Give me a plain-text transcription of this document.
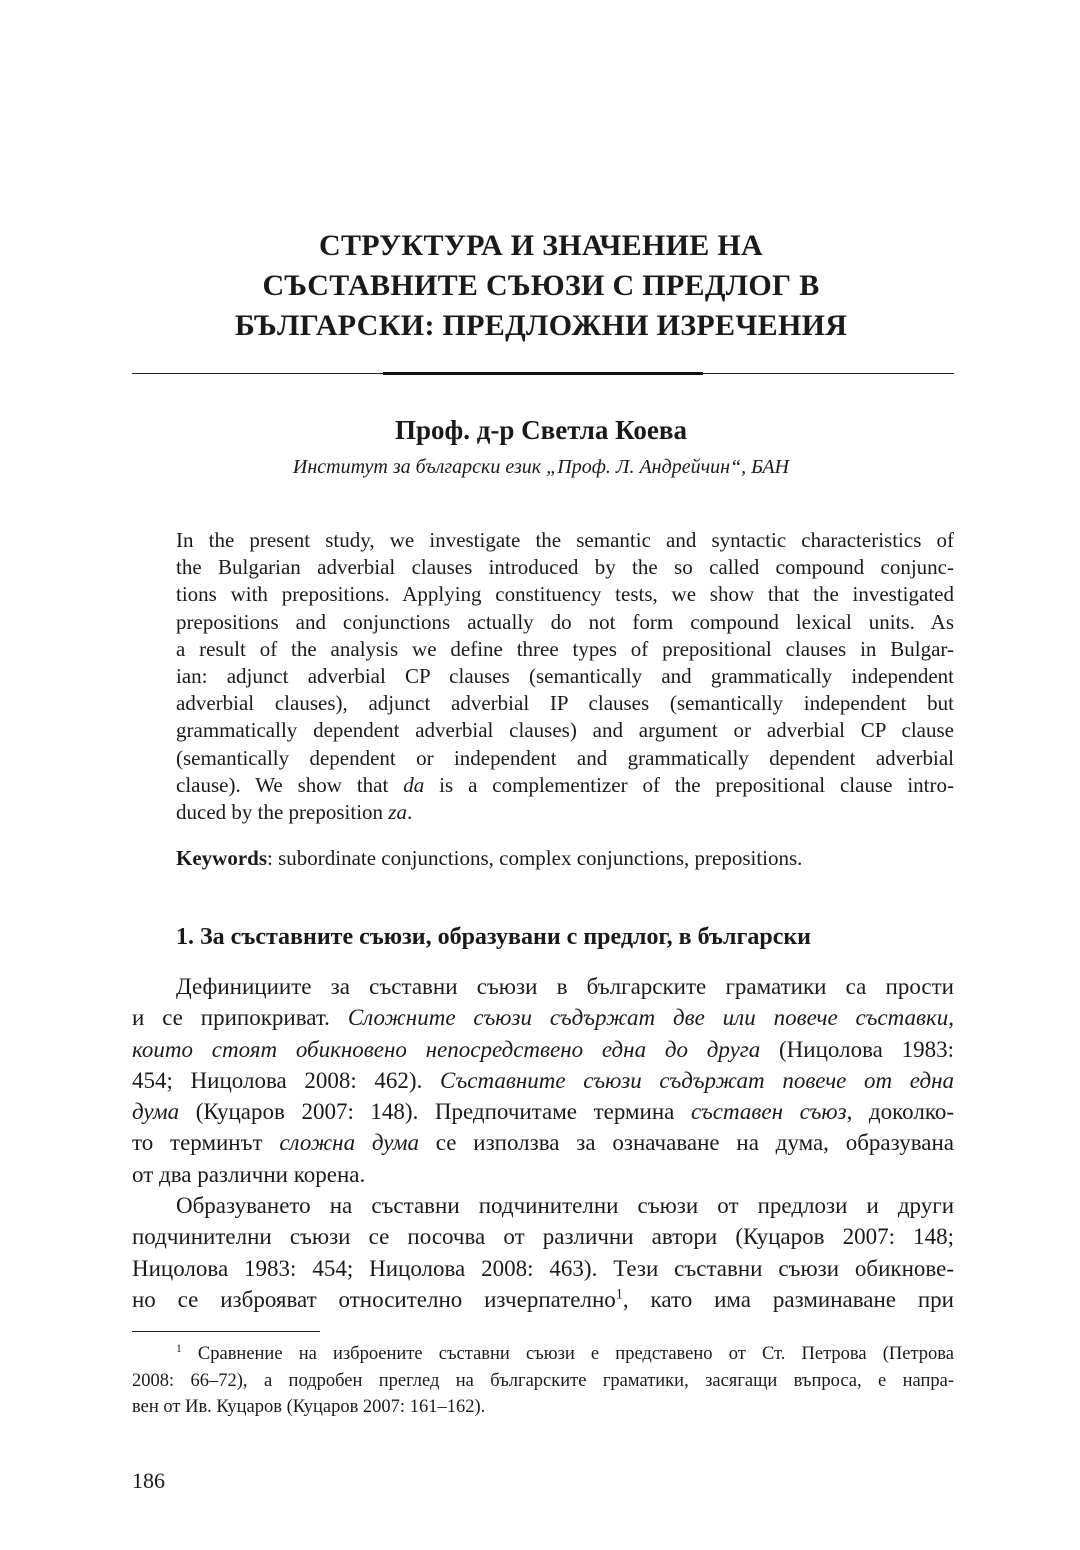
СТРУКТУРА И ЗНАЧЕНИЕ НА
СЪСТАВНИТЕ СЪЮЗИ С ПРЕДЛОГ В
БЪЛГАРСКИ: ПРЕДЛОЖНИ ИЗРЕЧЕНИЯ
Проф. д-р Светла Коева
Институт за български език „Проф. Л. Андрейчин“, БАН
In the present study, we investigate the semantic and syntactic characteristics of
the Bulgarian adverbial clauses introduced by the so called compound conjunc-
tions with prepositions. Applying constituency tests, we show that the investigated
prepositions and conjunctions actually do not form compound lexical units. As
a result of the analysis we define three types of prepositional clauses in Bulgar-
ian: adjunct adverbial CP clauses (semantically and grammatically independent
adverbial clauses), adjunct adverbial IP clauses (semantically independent but
grammatically dependent adverbial clauses) and argument or adverbial CP clause
(semantically dependent or independent and grammatically dependent adverbial
clause). We show that da is a complementizer of the prepositional clause intro-
duced by the preposition za.
Keywords: subordinate conjunctions, complex conjunctions, prepositions.
1. За съставните съюзи, образувани с предлог, в български
Дефинициите за съставни съюзи в българските граматики са прости
и се припокриват. Сложните съюзи съдържат две или повече съставки,
които стоят обикновено непосредствено една до друга (Ницолова 1983:
454; Ницолова 2008: 462). Съставните съюзи съдържат повече от една
дума (Куцаров 2007: 148). Предпочитаме термина съставен съюз, доколко-
то терминът сложна дума се използва за означаване на дума, образувана
от два различни корена.
Образуването на съставни подчинителни съюзи от предлози и други
подчинителни съюзи се посочва от различни автори (Куцаров 2007: 148;
Ницолова 1983: 454; Ницолова 2008: 463). Тези съставни съюзи обикнове-
но се изброяват относително изчерпателно$^1$, като има разминаване при
$^1$ Сравнение на изброените съставни съюзи е представено от Ст. Петрова (Петрова
2008: 66–72), а подробен преглед на българските граматики, засягащи въпроса, е напра-
вен от Ив. Куцаров (Куцаров 2007: 161–162).
186
